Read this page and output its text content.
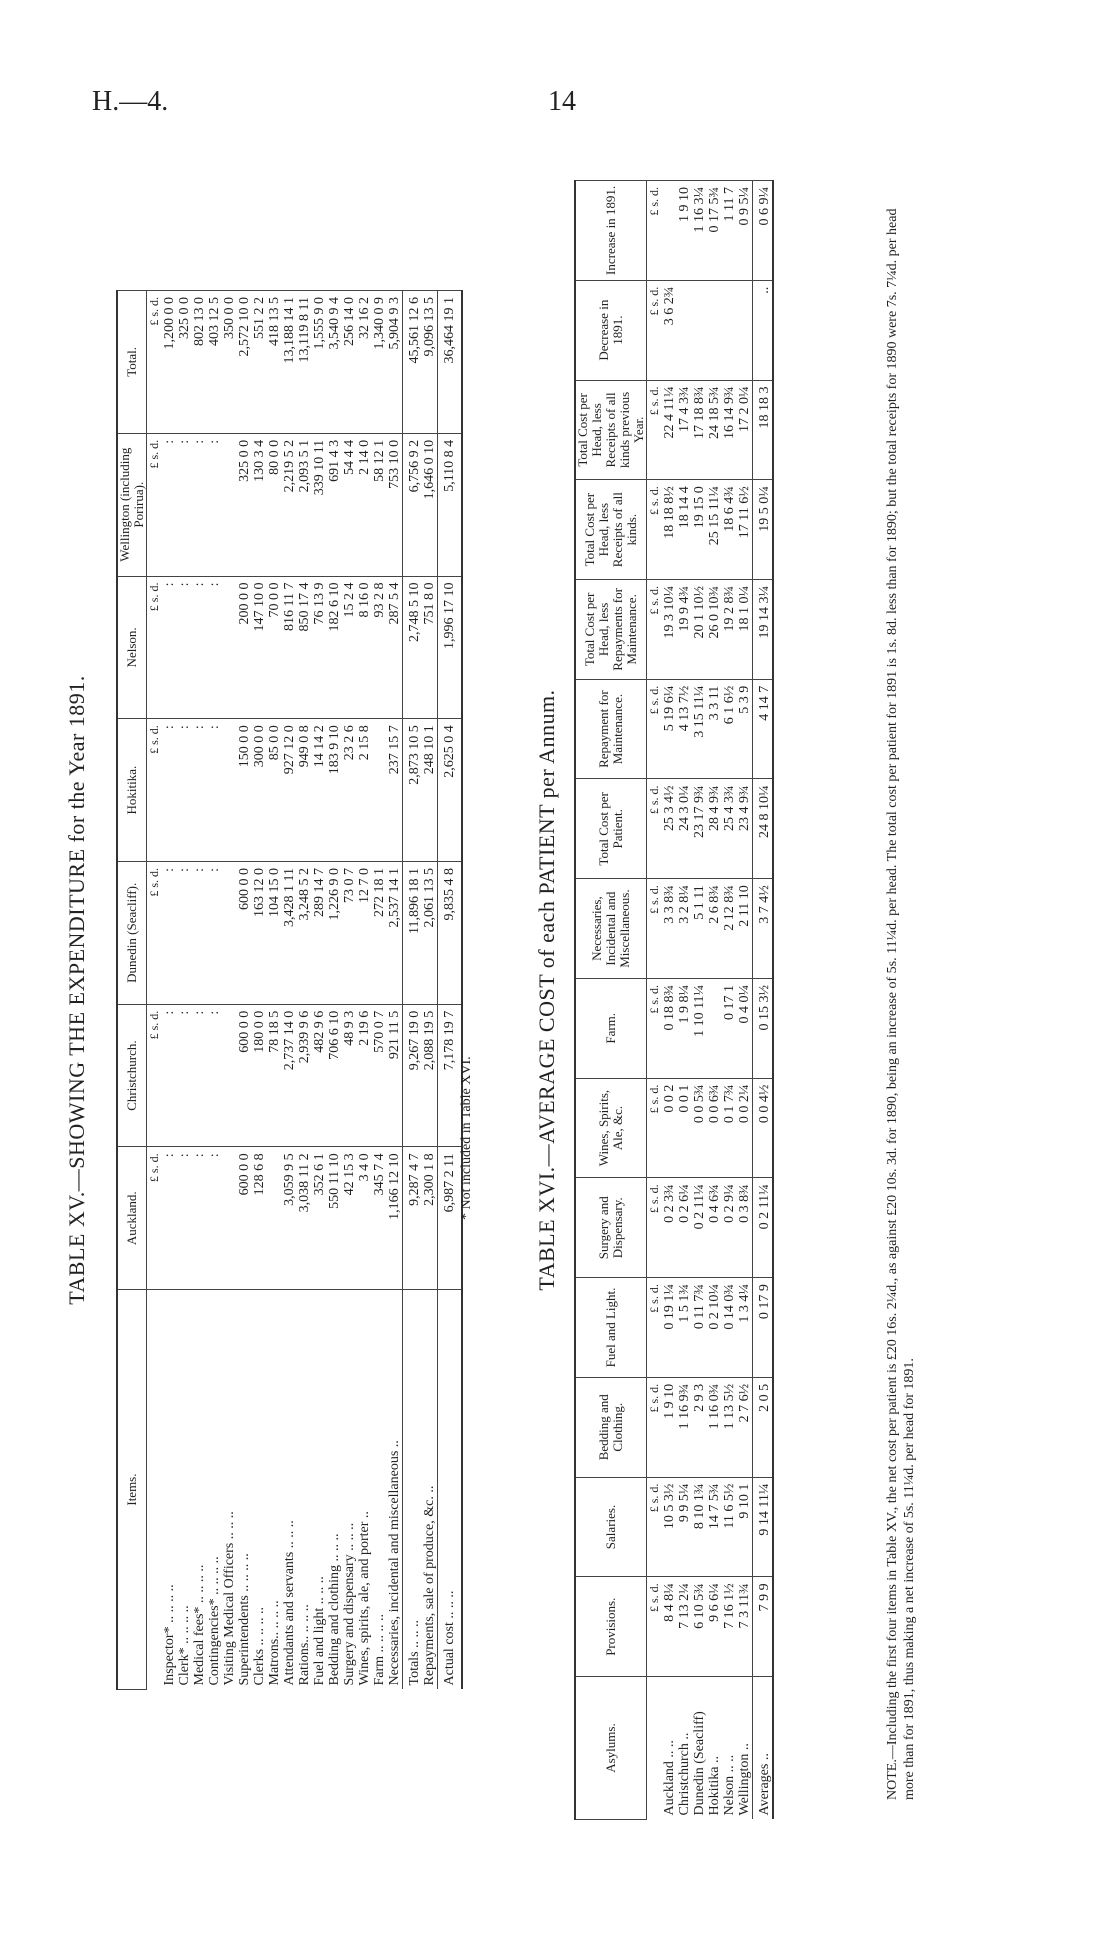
H.—4.	14

TABLE XV.—SHOWING THE EXPENDITURE for the Year 1891.

Items.	Auckland.	Christchurch.	Dunedin (Seacliff).	Hokitika.	Nelson.	Wellington (including Porirua).	Total.
	£ s. d.	£ s. d.	£ s. d.	£ s. d.	£ s. d.	£ s. d.	£ s. d.
Inspector* .. .. .. ..	:	:	:	:	:	:	1,200 0 0
Clerk* .. .. .. ..	:	:	:	:	:	:	325 0 0
Medical fees* .. .. .. ..	:	:	:	:	:	:	802 13 0
Contingencies* .. .. .. ..	:	:	:	:	:	:	403 12 5
Visiting Medical Officers .. .. ..							350 0 0
Superintendents .. .. .. ..	600 0 0	600 0 0	600 0 0	150 0 0	200 0 0	325 0 0	2,572 10 0
Clerks .. .. .. ..	128 6 8	180 0 0	163 12 0	300 0 0	147 10 0	130 3 4	551 2 2
Matrons.. .. .. ..		78 18 5	104 15 0	85 0 0	70 0 0	80 0 0	418 13 5
Attendants and servants .. .. ..	3,059 9 5	2,737 14 0	3,428 1 11	927 12 0	816 11 7	2,219 5 2	13,188 14 1
Rations.. .. .. ..	3,038 11 2	2,939 9 6	3,248 5 2	949 0 8	850 17 4	2,093 5 1	13,119 8 11
Fuel and light .. .. ..	352 6 1	482 9 6	289 14 7	14 14 2	76 13 9	339 10 11	1,555 9 0
Bedding and clothing .. .. ..	550 11 10	706 6 10	1,226 9 0	183 9 10	182 6 10	691 4 3	3,540 9 4
Surgery and dispensary .. .. ..	42 15 3	48 9 3	73 0 7	23 2 6	15 2 4	54 4 4	256 14 0
Wines, spirits, ale, and porter ..	3 4 0	2 19 6	12 7 0	2 15 8	8 16 0	2 14 0	32 16 2
Farm .. .. .. ..	345 7 4	570 0 7	272 18 1		93 2 8	58 12 1	1,340 0 9
Necessaries, incidental and miscellaneous ..	1,166 12 10	921 11 5	2,537 14 1	237 15 7	287 5 4	753 10 0	5,904 9 3
Totals .. .. ..	9,287 4 7	9,267 19 0	11,896 18 1	2,873 10 5	2,748 5 10	6,756 9 2	45,561 12 6
Repayments, sale of produce, &c. ..	2,300 1 8	2,088 19 5	2,061 13 5	248 10 1	751 8 0	1,646 0 10	9,096 13 5
Actual cost .. .. ..	6,987 2 11	7,178 19 7	9,835 4 8	2,625 0 4	1,996 17 10	5,110 8 4	36,464 19 1
* Not included in Table XVI.	TABLE XVI.—AVERAGE COST of each PATIENT per Annum.

Asylums.	Provisions.	Salaries.	Bedding and Clothing.	Fuel and Light.	Surgery and Dispensary.	Wines, Spirits, Ale, &c.	Farm.	Necessaries, Incidental and Miscellaneous.	Total Cost per Patient.	Repayment for Maintenance.	Total Cost per Head, less Repayments for Maintenance.	Total Cost per Head, less Receipts of all kinds.	Total Cost per Head, less Receipts of all kinds previous Year.	Decrease in 1891.	Increase in 1891.
	£ s. d.	£ s. d.	£ s. d.	£ s. d.	£ s. d.	£ s. d.	£ s. d.	£ s. d.	£ s. d.	£ s. d.	£ s. d.	£ s. d.	£ s. d.	£ s. d.	£ s. d.
Auckland .. ..	8 4 8¼	10 5 3½	1 9 10	0 19 1¼	0 2 3¾	0 0 2	0 18 8¾	3 3 8¾	25 3 4½	5 19 6¼	19 3 10¼	18 18 8½	22 4 11¼	3 6 2¾	
Christchurch ..	7 13 2¼	9 9 5¼	1 16 9¾	1 5 1¾	0 2 6¼	0 0 1	1 9 8¼	3 2 8¼	24 3 0¼	4 13 7½	19 9 4¾	18 14 4	17 4 3¾		1 9 10
Dunedin (Seacliff)	6 10 5¾	8 10 1¾	2 9 3	0 11 7¾	0 2 11¼	0 0 5¾	1 10 11¼	5 1 11	23 17 9¾	3 15 11¼	20 1 10½	19 15 0	17 18 8¾		1 16 3¼
Hokitika ..	9 6 6¼	14 7 5¾	1 16 0¾	0 2 10¼	0 4 6¾	0 0 6¾		2 6 8¾	28 4 9¾	3 3 11	26 0 10¾	25 15 11¼	24 18 5¾		0 17 5¾
Nelson .. ..	7 16 1½	11 6 5½	1 13 5½	0 14 0¾	0 2 9¼	0 1 7¾	0 17 1	2 12 8¾	25 4 3¾	6 1 6½	19 2 8¾	18 6 4¾	16 14 9¾		1 11 7
Wellington ..	7 3 11¾	9 10 1	2 7 6½	1 3 4¼	0 3 8¾	0 0 2¼	0 4 0¼	2 11 10	23 4 9¾	5 3 9	18 1 0¼	17 11 6½	17 2 0¼		0 9 5¼
Averages ..	7 9 9	9 14 11¼	2 0 5	0 17 9	0 2 11¼	0 0 4½	0 15 3½	3 7 4½	24 8 10¼	4 14 7	19 14 3¼	19 5 0¼	18 18 3	..	0 6 9¼
NOTE.—Including the first four items in Table XV., the net cost per patient is £20 16s. 2¼d., as against £20 10s. 3d. for 1890, being an increase of 5s. 11¼d. per head. The total cost per patient for 1891 is 1s. 8d. less than for 1890; but the total receipts for 1890 were 7s. 7¼d. per head more than for 1891, thus making a net increase of 5s. 11¼d. per head for 1891.
